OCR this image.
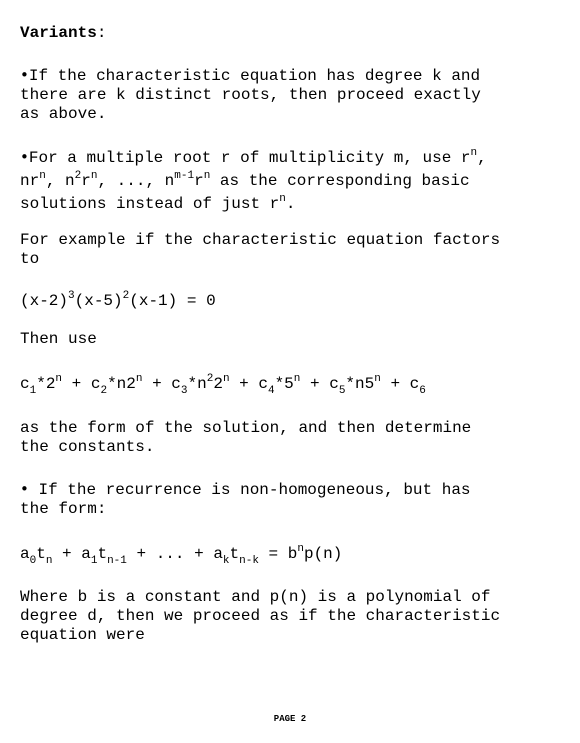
Variants:
•If the characteristic equation has degree k and
there are k distinct roots, then proceed exactly
as above.
•For a multiple root r of multiplicity m, use $r^n$,
$nr^n$, $n^2r^n$, ..., $n^{m-1}r^n$ as the corresponding basic
solutions instead of just $r^n$.
For example if the characteristic equation factors
to
$(x-2)^3(x-5)^2(x-1) = 0$
Then use
$c_1*2^n + c_2*n2^n + c_3*n^22^n + c_4*5^n + c_5*n5^n + c_6$
as the form of the solution, and then determine
the constants.
• If the recurrence is non-homogeneous, but has
the form:
$a_0t_n + a_1t_{n-1}$ + ... + $a_kt_{n-k} = b^np(n)$
Where b is a constant and p(n) is a polynomial of
degree d, then we proceed as if the characteristic
equation were
PAGE 2
